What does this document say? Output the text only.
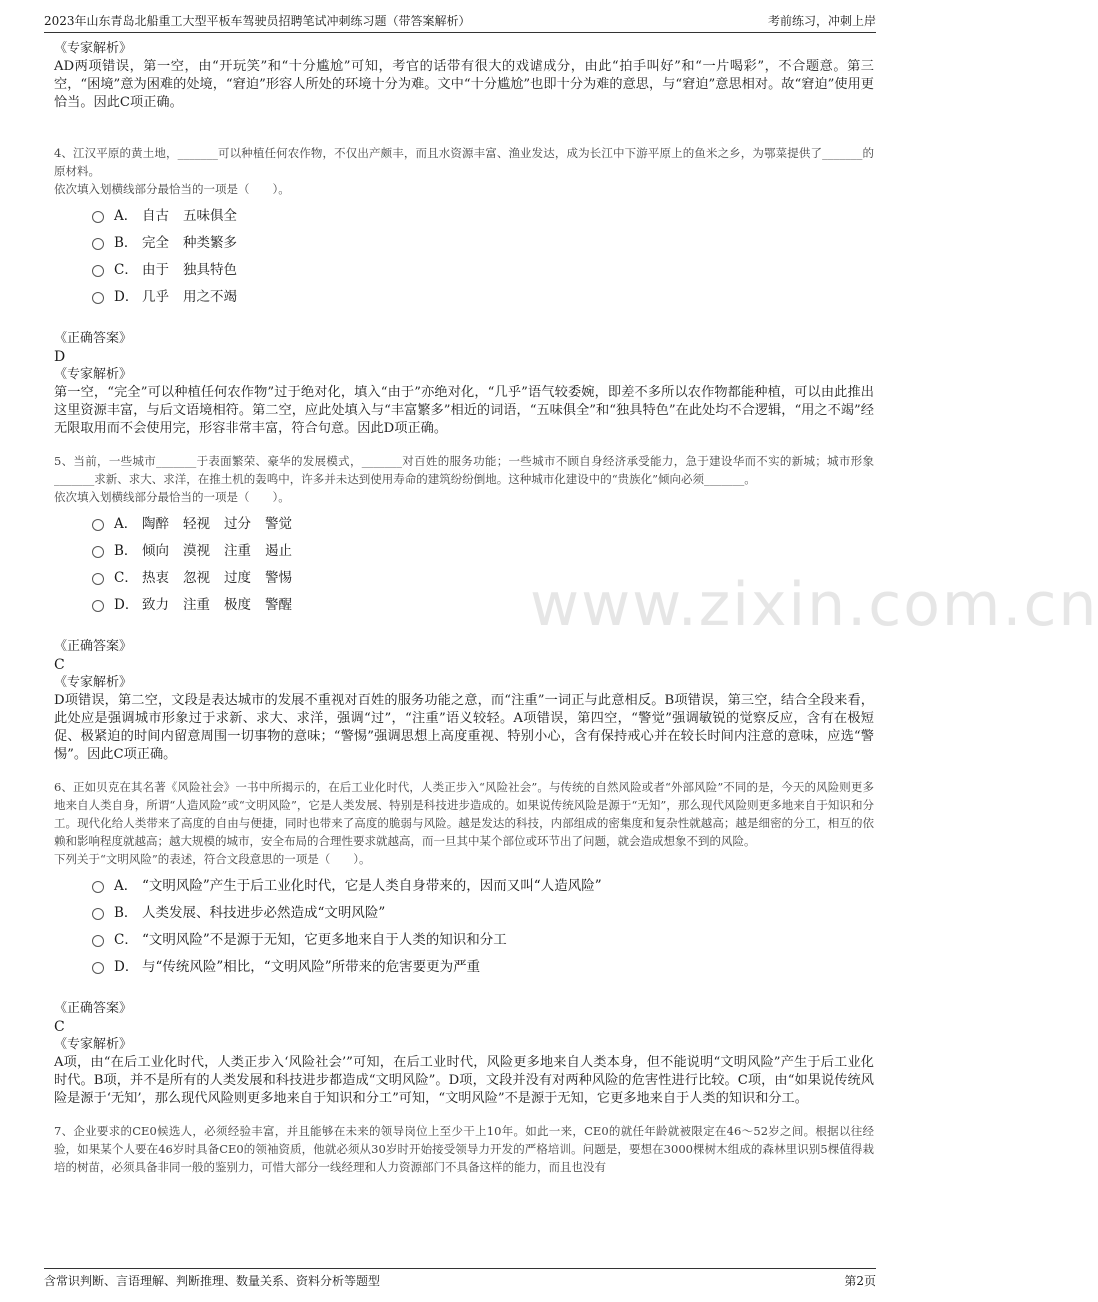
2023年山东青岛北船重工大型平板车驾驶员招聘笔试冲刺练习题（带答案解析）	考前练习，冲刺上岸
www.zixin.com.cn
《专家解析》
AD两项错误，第一空，由“开玩笑”和“十分尴尬”可知，考官的话带有很大的戏谑成分，由此“拍手叫好”和“一片喝彩”，不合题意。第三空，“困境”意为困难的处境，“窘迫”形容人所处的环境十分为难。文中“十分尴尬”也即十分为难的意思，与“窘迫”意思相对。故“窘迫”使用更恰当。因此C项正确。
4、江汉平原的黄土地，_______可以种植任何农作物，不仅出产颇丰，而且水资源丰富、渔业发达，成为长江中下游平原上的鱼米之乡，为鄂菜提供了_______的原材料。
依次填入划横线部分最恰当的一项是（　　）。
A． 自古 五味俱全
B． 完全 种类繁多
C． 由于 独具特色
D． 几乎 用之不竭
《正确答案》
D
《专家解析》
第一空，“完全”可以种植任何农作物”过于绝对化，填入“由于”亦绝对化，“几乎”语气较委婉，即差不多所以农作物都能种植，可以由此推出这里资源丰富，与后文语境相符。第二空，应此处填入与“丰富繁多”相近的词语，“五味俱全”和“独具特色”在此处均不合逻辑，“用之不竭”经无限取用而不会使用完，形容非常丰富，符合句意。因此D项正确。
5、当前，一些城市_______于表面繁荣、豪华的发展模式，_______对百姓的服务功能；一些城市不顾自身经济承受能力，急于建设华而不实的新城；城市形象_______求新、求大、求洋，在推土机的轰鸣中，许多并未达到使用寿命的建筑纷纷倒地。这种城市化建设中的“贵族化”倾向必须_______。
依次填入划横线部分最恰当的一项是（　　）。
A． 陶醉 轻视 过分 警觉
B． 倾向 漠视 注重 遏止
C． 热衷 忽视 过度 警惕
D． 致力 注重 极度 警醒
《正确答案》
C
《专家解析》
D项错误，第二空，文段是表达城市的发展不重视对百姓的服务功能之意，而“注重”一词正与此意相反。B项错误，第三空，结合全段来看，此处应是强调城市形象过于求新、求大、求洋，强调“过”，“注重”语义较轻。A项错误，第四空，“警觉”强调敏锐的觉察反应，含有在极短促、极紧迫的时间内留意周围一切事物的意味；“警惕”强调思想上高度重视、特别小心，含有保持戒心并在较长时间内注意的意味，应选“警惕”。因此C项正确。
6、正如贝克在其名著《风险社会》一书中所揭示的，在后工业化时代，人类正步入“风险社会”。与传统的自然风险或者“外部风险”不同的是，今天的风险则更多地来自人类自身，所谓“人造风险”或“文明风险”，它是人类发展、特别是科技进步造成的。如果说传统风险是源于“无知”，那么现代风险则更多地来自于知识和分工。现代化给人类带来了高度的自由与便捷，同时也带来了高度的脆弱与风险。越是发达的科技，内部组成的密集度和复杂性就越高；越是细密的分工，相互的依赖和影响程度就越高；越大规模的城市，安全布局的合理性要求就越高，而一旦其中某个部位或环节出了问题，就会造成想象不到的风险。
下列关于“文明风险”的表述，符合文段意思的一项是（　　）。
A． “文明风险”产生于后工业化时代，它是人类自身带来的，因而又叫“人造风险”
B． 人类发展、科技进步必然造成“文明风险”
C． “文明风险”不是源于无知，它更多地来自于人类的知识和分工
D． 与“传统风险”相比，“文明风险”所带来的危害要更为严重
《正确答案》
C
《专家解析》
A项，由“在后工业化时代，人类正步入‘风险社会’”可知，在后工业时代，风险更多地来自人类本身，但不能说明“文明风险”产生于后工业化时代。B项，并不是所有的人类发展和科技进步都造成“文明风险”。D项，文段并没有对两种风险的危害性进行比较。C项，由“如果说传统风险是源于‘无知’，那么现代风险则更多地来自于知识和分工”可知，“文明风险”不是源于无知，它更多地来自于人类的知识和分工。
7、企业要求的CE0候选人，必须经验丰富，并且能够在未来的领导岗位上至少干上10年。如此一来，CE0的就任年龄就被限定在46～52岁之间。根据以往经验，如果某个人要在46岁时具备CE0的领袖资质，他就必须从30岁时开始接受领导力开发的严格培训。问题是，要想在3000棵树木组成的森林里识别5棵值得栽培的树苗，必须具备非同一般的鉴别力，可惜大部分一线经理和人力资源部门不具备这样的能力，而且也没有
含常识判断、言语理解、判断推理、数量关系、资料分析等题型	第2页
